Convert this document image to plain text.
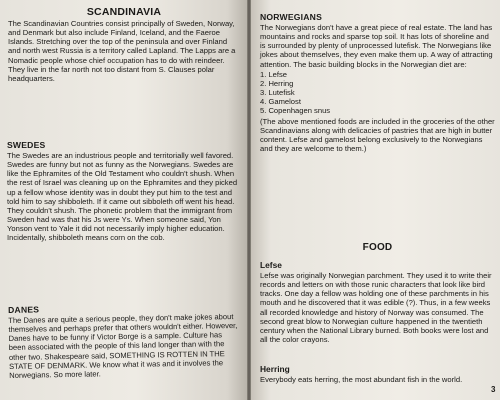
SCANDINAVIA

The Scandinavian Countries consist principally of Sweden, Norway, and Denmark but also include Finland, Iceland, and the Faeroe Islands. Stretching over the top of the peninsula and over Finland and north west Russia is a territory called Lapland. The Lapps are a Nomadic people whose chief occupation has to do with reindeer. They live in the far north not too distant from S. Clauses polar headquarters.

SWEDES

The Swedes are an industrious people and territorially well favored. Swedes are funny but not as funny as the Norwegians. Swedes are like the Ephramites of the Old Testament who couldn't shush. When the rest of Israel was cleaning up on the Ephramites and they picked up a fellow whose identity was in doubt they put him to the test and told him to say shibboleth. If it came out sibboleth off went his head. They couldn't shush. The phonetic problem that the immigrant from Sweden had was that his Js were Ys. When someone said, Yon Yonson vent to Yale it did not necessarily imply higher education. Incidentally, shibboleth means corn on the cob.

DANES

The Danes are quite a serious people, they don't make jokes about themselves and perhaps prefer that others wouldn't either. However, Danes have to be funny if Victor Borge is a sample. Culture has been associated with the people of this land longer than with the other two. Shakespeare said, SOMETHING IS ROTTEN IN THE STATE OF DENMARK. We know what it was and it involves the Norwegians. So more later.

NORWEGIANS

The Norwegians don't have a great piece of real estate. The land has mountains and rocks and sparse top soil. It has lots of shoreline and is surrounded by plenty of unprocessed lutefisk. The Norwegians like jokes about themselves, they even make them up. A way of attracting attention. The basic building blocks in the Norwegian diet are:

1. Lefse
2. Herring
3. Lutefisk
4. Gamelost
5. Copenhagen snus

(The above mentioned foods are included in the groceries of the other Scandinavians along with delicacies of pastries that are high in butter content. Lefse and gamelost belong exclusively to the Norwegians and they are welcome to them.)

FOOD
Lefse

Lefse was originally Norwegian parchment. They used it to write their records and letters on with those runic characters that look like bird tracks. One day a fellow was holding one of these parchments in his mouth and he discovered that it was edible (?). Thus, in a few weeks all recorded knowledge and history of Norway was consumed. The second great blow to Norwegian culture happened in the twentieth century when the National Library burned. Both books were lost and all the color crayons.

Herring

Everybody eats herring, the most abundant fish in the world.

3
